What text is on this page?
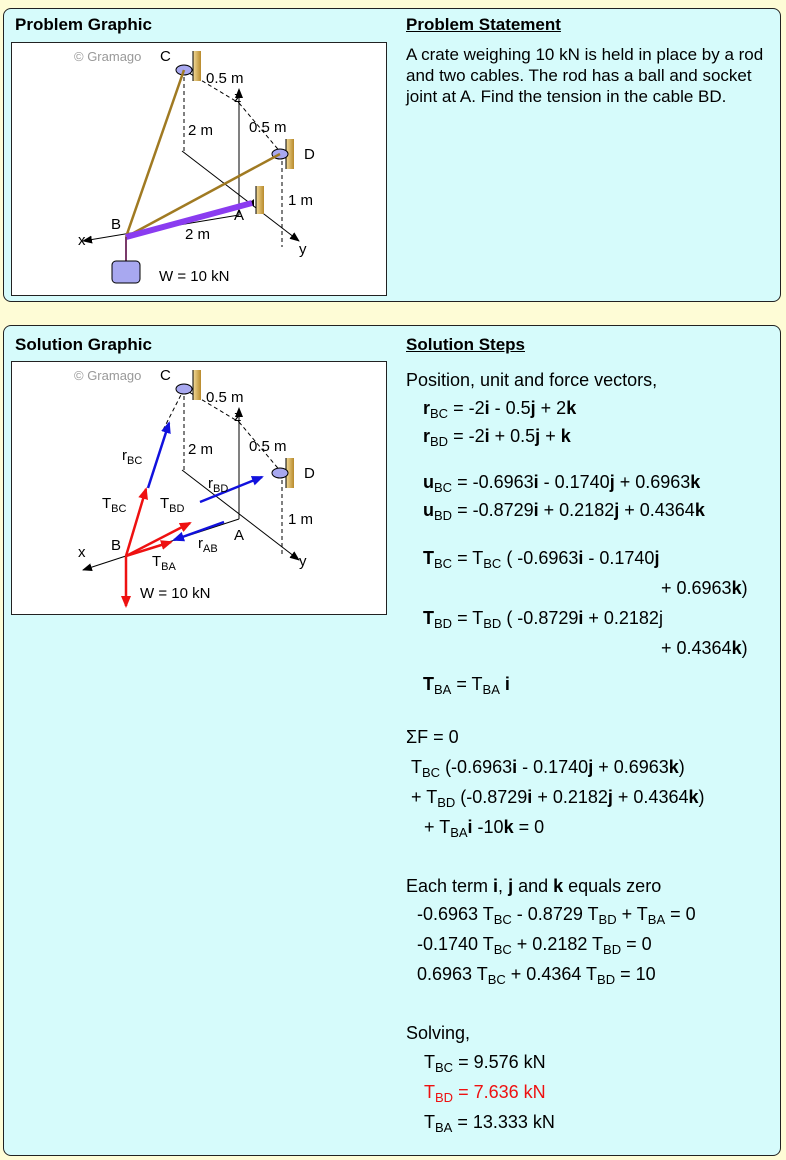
Problem Graphic	Problem Statement
A crate weighing 10 kN is held in place by a rod and two cables. The rod has a ball and socket joint at A. Find the tension in the cable BD.
© Gramago
z
x
y
0.5 m
2 m 0.5 m
1 m
2 m
C
D
A
B
W = 10 kN
Solution Graphic	Solution Steps
© Gramago
z
x
y
0.5 m
2 m 0.5 m
1 m
C
D
A
B
$r_{BC}$
$r_{BD}$
$r_{AB}$
$T_{BC}$ $T_{BD}$
$T_{BA}$
W = 10 kN
Position, unit and force vectors,
$r_{BC} = -2i - 0.5j + 2k$
$r_{BD} = -2i + 0.5j + k$
$u_{BC} = -0.6963i - 0.1740j + 0.6963k$
$u_{BD} = -0.8729i + 0.2182j + 0.4364k$
$T_{BC} = T_{BC}$ ( -0.6963i - 0.1740j
+ 0.6963k)
$T_{BD} = T_{BD}$ ( -0.8729i + 0.2182j
+ 0.4364k)
$T_{BA} = T_{BA}$ i
ΣF = 0
$T_{BC}$ (-0.6963i - 0.1740j + 0.6963k)
+ $T_{BD}$ (-0.8729i + 0.2182j + 0.4364k)
+ $T_{BA}i$ -10k = 0
Each term i, j and k equals zero
-0.6963 $T_{BC} - 0.8729$ $T_{BD} + T_{BA} = 0$
-0.1740 $T_{BC} + 0.2182$ $T_{BD} = 0$
0.6963 $T_{BC} + 0.4364$ $T_{BD} = 10$
Solving,
$T_{BC} = 9.576$ kN
$T_{BD} = 7.636$ kN
$T_{BA} = 13.333$ kN
